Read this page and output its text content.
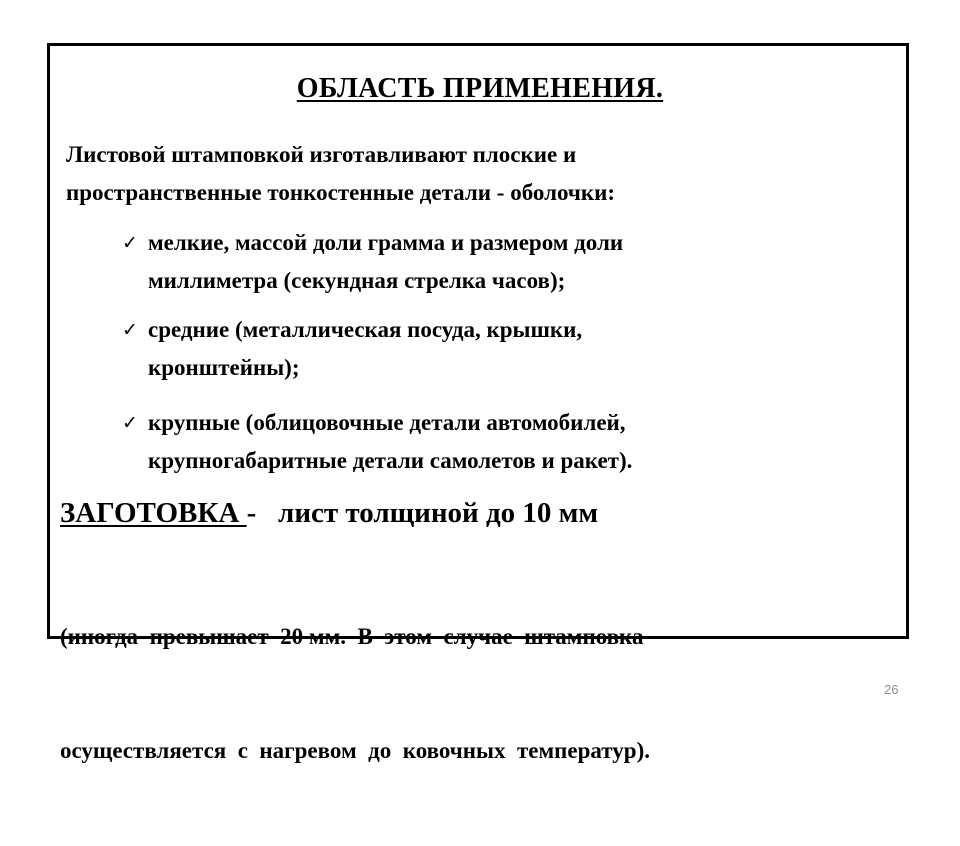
ОБЛАСТЬ ПРИМЕНЕНИЯ.
Листовой штамповкой изготавливают плоские и
пространственные тонкостенные детали - оболочки:
✓ мелкие, массой доли грамма и размером доли
миллиметра (секундная стрелка часов);
✓ средние (металлическая посуда, крышки,
кронштейны);
✓ крупные (облицовочные детали автомобилей,
крупногабаритные детали самолетов и ракет).
ЗАГОТОВКА -   лист толщиной до 10 мм

(иногда  превышает  20 мм.  В  этом  случае  штамповка

осуществляется  с  нагревом  до  ковочных  температур).

26
